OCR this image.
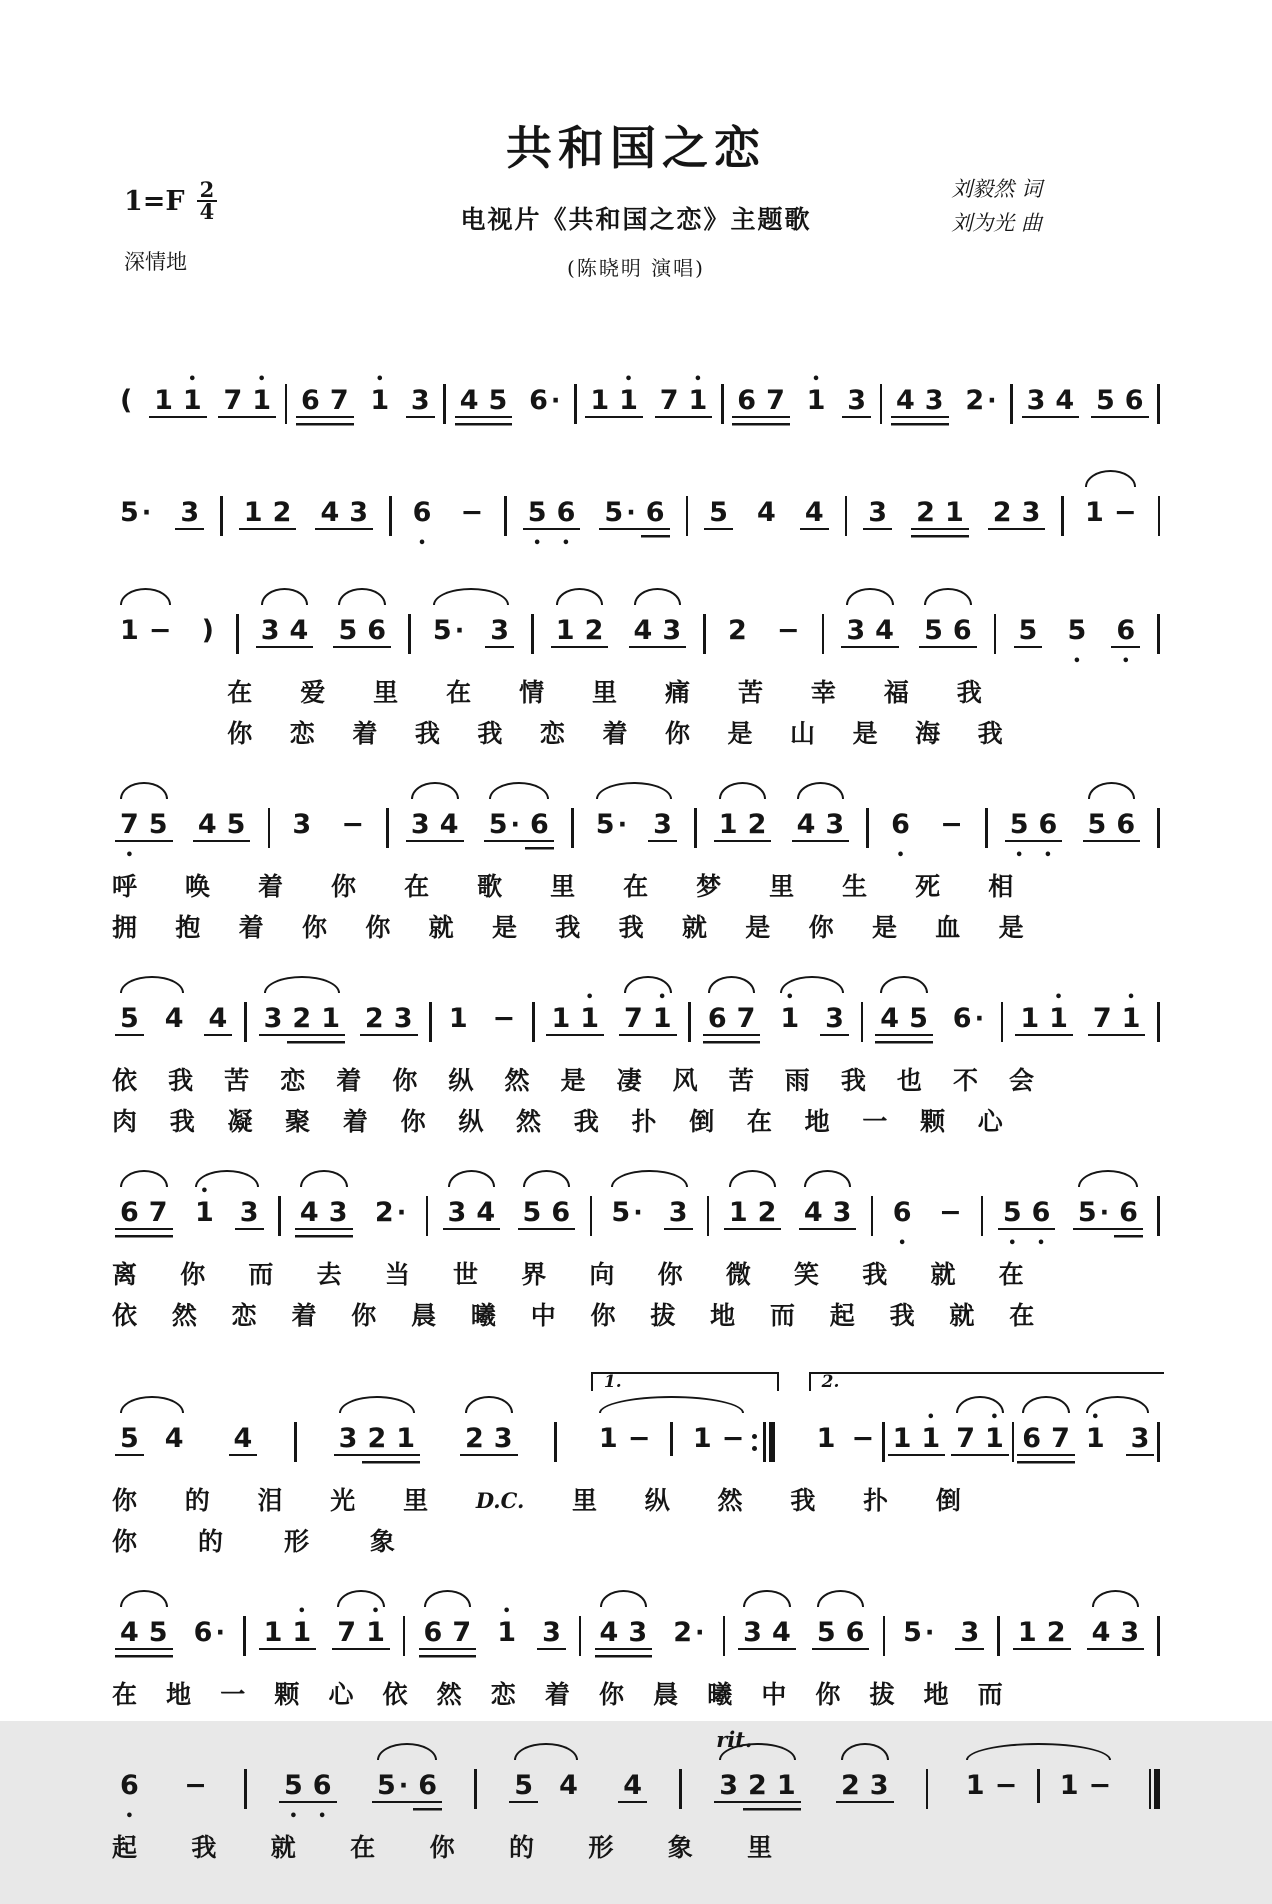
共和国之恋
电视片《共和国之恋》主题歌
(陈晓明 演唱)
$1=F \frac{2}{4}$
深情地
刘毅然 词
刘为光 曲
( 1
•
1 7
•
1 6 7
•
1 3 4 5 6 · 1
•
1 7
•
1 6 7
•
1 3 4 3 2 · 3 4 5 6
5 · 3 1 2 4 3 6
•
− 5
•
6
•
5 · 6 5 4 4 3 2 1 2 3 1 −
1 − ) 3 4 5 6 5 · 3 1 2 4 3 2 − 3 4 5 6 5 5
•
6
•
在 爱 里 在 情 里 痛 苦 幸 福 我
你 恋 着 我 我 恋 着 你 是 山 是 海 我
7
•
5 4 5 3 − 3 4 5 · 6 5 · 3 1 2 4 3 6
•
− 5
•
6
•
5 6
呼 唤 着 你 在 歌 里 在 梦 里 生 死 相
拥 抱 着 你 你 就 是 我 我 就 是 你 是 血 是
5 4 4 3 2 1 2 3 1 − 1
•
1 7
•
1 6 7
•
1 3 4 5 6 · 1
•
1 7
•
1
依 我 苦 恋 着 你 纵 然 是 凄 风 苦 雨 我 也 不 会
肉 我 凝 聚 着 你 纵 然 我 扑 倒 在 地 一 颗 心
6 7
•
1 3 4 3 2 · 3 4 5 6 5 · 3 1 2 4 3 6
•
− 5
•
6
•
5 · 6
离 你 而 去 当 世 界 向 你 微 笑 我 就 在
依 然 恋 着 你 晨 曦 中 你 拔 地 而 起 我 就 在
5 4 4	3 2 1 2 3
1.
1 − 1 −
2.
1 − 1
•
1 7
•
1 6 7
•
1 3
你 的 泪 光 里 D.C. 里 纵 然 我 扑 倒
你 的 形 象
4 5 6 · 1
•
1 7
•
1 6 7
•
1 3 4 3 2 · 3 4 5 6 5 · 3 1 2 4 3
在 地 一 颗 心 依 然 恋 着 你 晨 曦 中 你 拔 地 而
6
•
−	5
•
6
•
5 · 6	5 4 4
rit.
3 2 1 2 3	1 − 1 −
起 我 就 在 你 的 形 象 里
